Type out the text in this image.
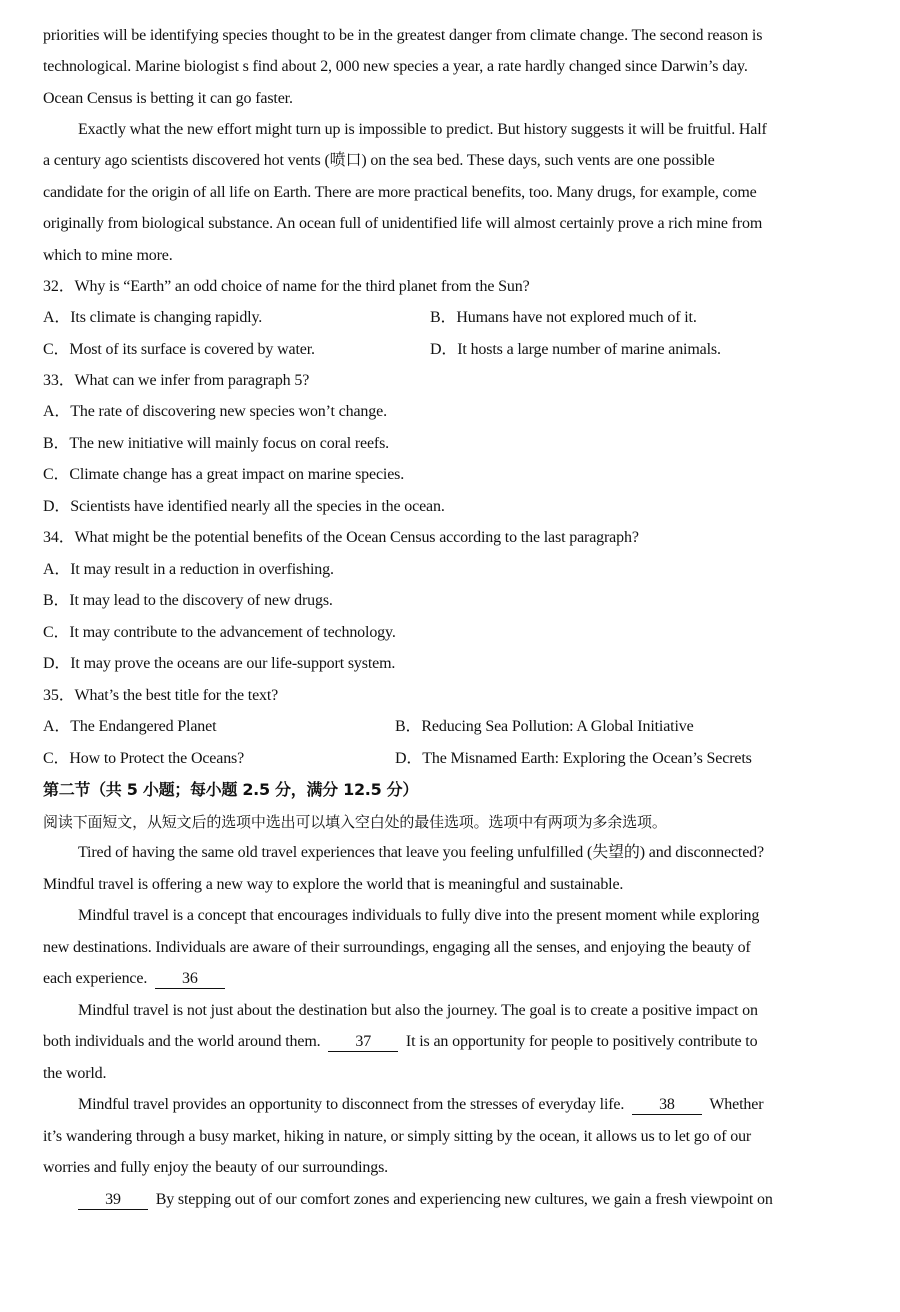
priorities will be identifying species thought to be in the greatest danger from climate change. The second reason is
technological. Marine biologist s find about 2, 000 new species a year, a rate hardly changed since Darwin’s day.
Ocean Census is betting it can go faster.
Exactly what the new effort might turn up is impossible to predict. But history suggests it will be fruitful. Half
a century ago scientists discovered hot vents (喷口) on the sea bed. These days, such vents are one possible
candidate for the origin of all life on Earth. There are more practical benefits, too. Many drugs, for example, come
originally from biological substance. An ocean full of unidentified life will almost certainly prove a rich mine from
which to mine more.
32．Why is “Earth” an odd choice of name for the third planet from the Sun?
A．Its climate is changing rapidly.	B．Humans have not explored much of it.
C．Most of its surface is covered by water.	D．It hosts a large number of marine animals.
33．What can we infer from paragraph 5?
A．The rate of discovering new species won’t change.
B．The new initiative will mainly focus on coral reefs.
C．Climate change has a great impact on marine species.
D．Scientists have identified nearly all the species in the ocean.
34．What might be the potential benefits of the Ocean Census according to the last paragraph?
A．It may result in a reduction in overfishing.
B．It may lead to the discovery of new drugs.
C．It may contribute to the advancement of technology.
D．It may prove the oceans are our life-support system.
35．What’s the best title for the text?
A．The Endangered Planet	B．Reducing Sea Pollution: A Global Initiative
C．How to Protect the Oceans?	D．The Misnamed Earth: Exploring the Ocean’s Secrets
第二节（共 5 小题；每小题 2.5 分，满分 12.5 分）
阅读下面短文，从短文后的选项中选出可以填入空白处的最佳选项。选项中有两项为多余选项。
Tired of having the same old travel experiences that leave you feeling unfulfilled (失望的) and disconnected?
Mindful travel is offering a new way to explore the world that is meaningful and sustainable.
Mindful travel is a concept that encourages individuals to fully dive into the present moment while exploring
new destinations. Individuals are aware of their surroundings, engaging all the senses, and enjoying the beauty of
each experience. 36
Mindful travel is not just about the destination but also the journey. The goal is to create a positive impact on
both individuals and the world around them. 37 It is an opportunity for people to positively contribute to
the world.
Mindful travel provides an opportunity to disconnect from the stresses of everyday life. 38 Whether
it’s wandering through a busy market, hiking in nature, or simply sitting by the ocean, it allows us to let go of our
worries and fully enjoy the beauty of our surroundings.
39 By stepping out of our comfort zones and experiencing new cultures, we gain a fresh viewpoint on
